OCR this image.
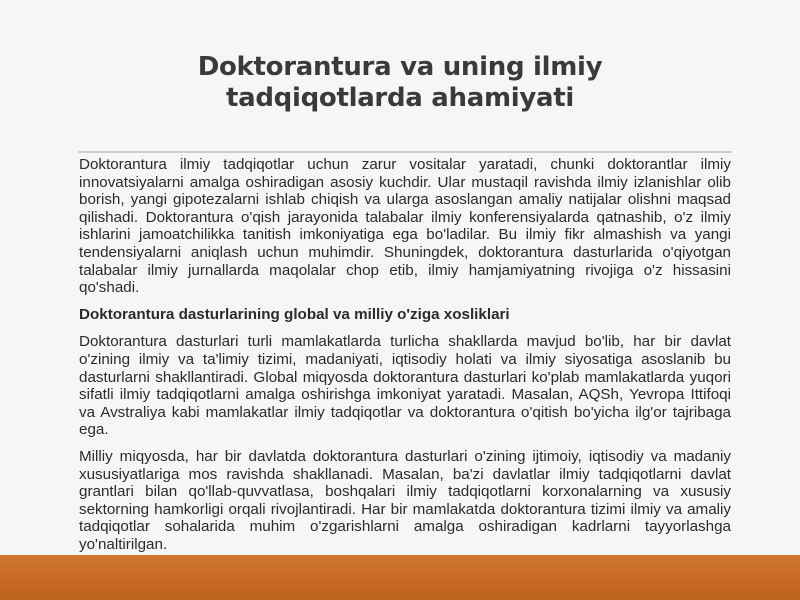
Doktorantura va uning ilmiy tadqiqotlarda ahamiyati

Doktorantura ilmiy tadqiqotlar uchun zarur vositalar yaratadi, chunki doktorantlar ilmiy innovatsiyalarni amalga oshiradigan asosiy kuchdir. Ular mustaqil ravishda ilmiy izlanishlar olib borish, yangi gipotezalarni ishlab chiqish va ularga asoslangan amaliy natijalar olishni maqsad qilishadi. Doktorantura o'qish jarayonida talabalar ilmiy konferensiyalarda qatnashib, o'z ilmiy ishlarini jamoatchilikka tanitish imkoniyatiga ega bo'ladilar. Bu ilmiy fikr almashish va yangi tendensiyalarni aniqlash uchun muhimdir. Shuningdek, doktorantura dasturlarida o'qiyotgan talabalar ilmiy jurnallarda maqolalar chop etib, ilmiy hamjamiyatning rivojiga o'z hissasini qo'shadi.

Doktorantura dasturlarining global va milliy o'ziga xosliklari

Doktorantura dasturlari turli mamlakatlarda turlicha shakllarda mavjud bo'lib, har bir davlat o'zining ilmiy va ta'limiy tizimi, madaniyati, iqtisodiy holati va ilmiy siyosatiga asoslanib bu dasturlarni shakllantiradi. Global miqyosda doktorantura dasturlari ko'plab mamlakatlarda yuqori sifatli ilmiy tadqiqotlarni amalga oshirishga imkoniyat yaratadi. Masalan, AQSh, Yevropa Ittifoqi va Avstraliya kabi mamlakatlar ilmiy tadqiqotlar va doktorantura o'qitish bo'yicha ilg'or tajribaga ega.

Milliy miqyosda, har bir davlatda doktorantura dasturlari o'zining ijtimoiy, iqtisodiy va madaniy xususiyatlariga mos ravishda shakllanadi. Masalan, ba'zi davlatlar ilmiy tadqiqotlarni davlat grantlari bilan qo'llab-quvvatlasa, boshqalari ilmiy tadqiqotlarni korxonalarning va xususiy sektorning hamkorligi orqali rivojlantiradi. Har bir mamlakatda doktorantura tizimi ilmiy va amaliy tadqiqotlar sohalarida muhim o'zgarishlarni amalga oshiradigan kadrlarni tayyorlashga yo'naltirilgan.
